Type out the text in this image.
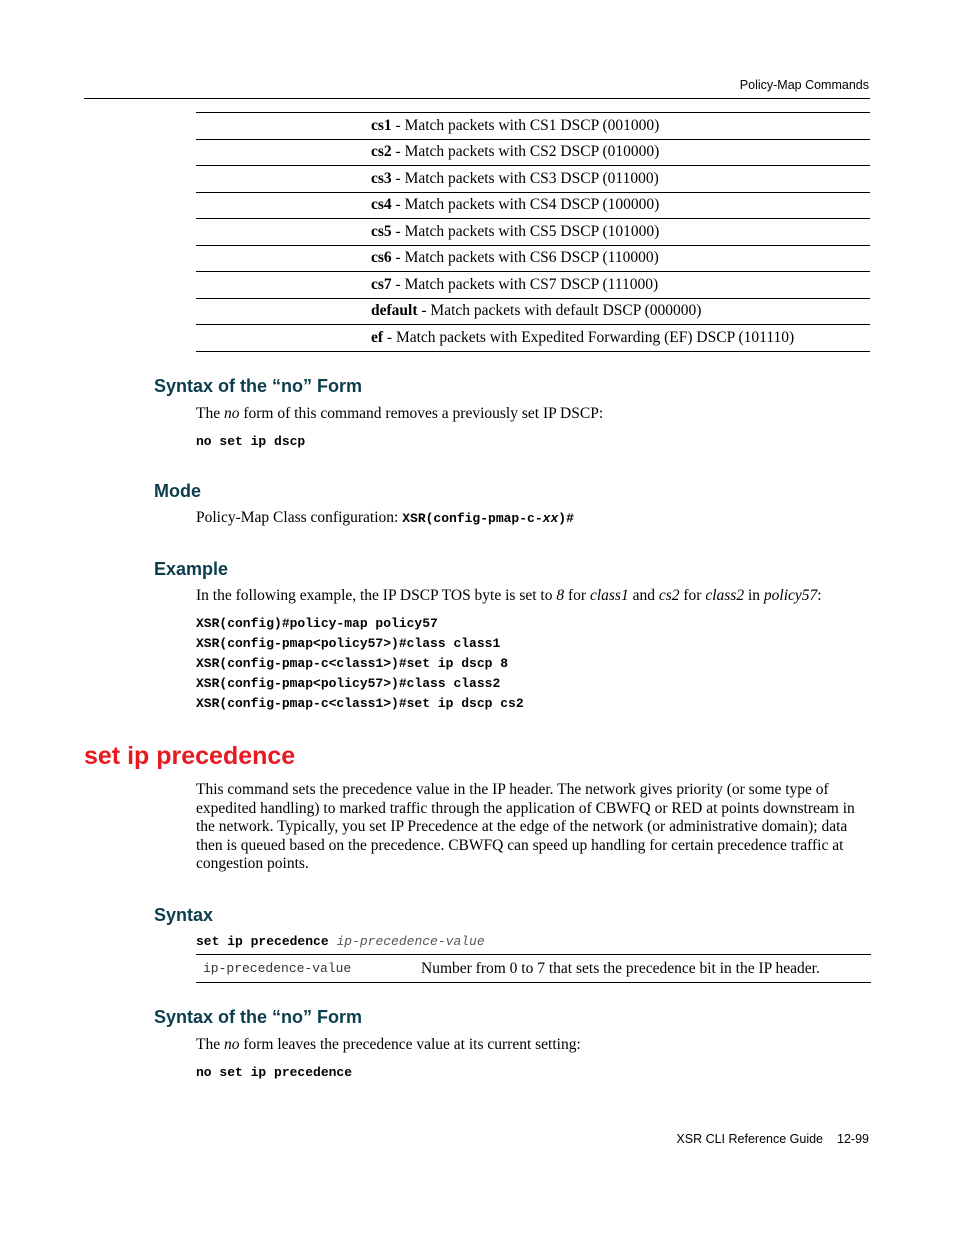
Policy-Map Commands
	cs1 - Match packets with CS1 DSCP (001000)
	cs2 - Match packets with CS2 DSCP (010000)
	cs3 - Match packets with CS3 DSCP (011000)
	cs4 - Match packets with CS4 DSCP (100000)
	cs5 - Match packets with CS5 DSCP (101000)
	cs6 - Match packets with CS6 DSCP (110000)
	cs7 - Match packets with CS7 DSCP (111000)
	default - Match packets with default DSCP (000000)
	ef - Match packets with Expedited Forwarding (EF) DSCP (101110)
Syntax of the “no” Form

The no form of this command removes a previously set IP DSCP:

no set ip dscp
Mode

Policy-Map Class configuration: XSR(config-pmap-c-xx)#

Example

In the following example, the IP DSCP TOS byte is set to 8 for class1 and cs2 for class2 in policy57:

XSR(config)#policy-map policy57
XSR(config-pmap<policy57>)#class class1
XSR(config-pmap-c<class1>)#set ip dscp 8
XSR(config-pmap<policy57>)#class class2
XSR(config-pmap-c<class1>)#set ip dscp cs2
set ip precedence

This command sets the precedence value in the IP header. The network gives priority (or some type of expedited handling) to marked traffic through the application of CBWFQ or RED at points downstream in the network. Typically, you set IP Precedence at the edge of the network (or administrative domain); data then is queued based on the precedence. CBWFQ can speed up handling for certain precedence traffic at congestion points.

Syntax
set ip precedence ip-precedence-value
ip-precedence-value	Number from 0 to 7 that sets the precedence bit in the IP header.
Syntax of the “no” Form

The no form leaves the precedence value at its current setting:

no set ip precedence
XSR CLI Reference Guide 12-99
